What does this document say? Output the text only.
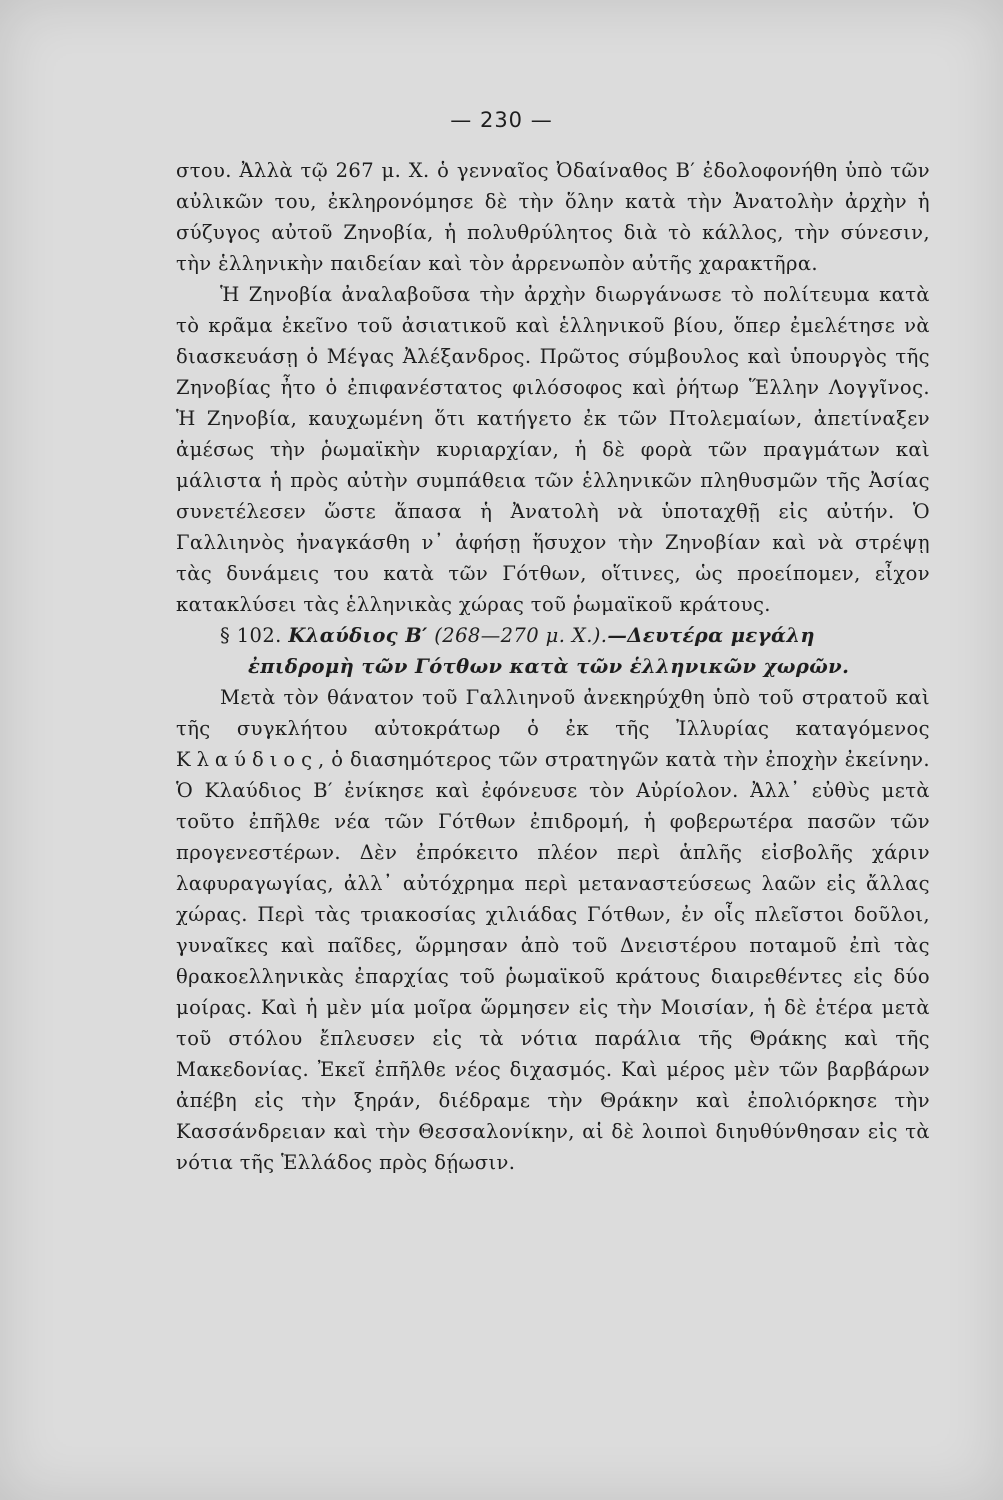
— 230 —

στου. Ἀλλὰ τῷ 267 μ. Χ. ὁ γενναῖος Ὀδαίναθος Β′ ἐδολοφονήθη ὑπὸ τῶν αὐλικῶν του, ἐκληρονόμησε δὲ τὴν ὅλην κατὰ τὴν Ἀνατολὴν ἀρχὴν ἡ σύζυγος αὐτοῦ Ζηνοβία, ἡ πολυθρύλητος διὰ τὸ κάλλος, τὴν σύνεσιν, τὴν ἑλληνικὴν παιδείαν καὶ τὸν ἀρρενωπὸν αὐτῆς χαρακτῆρα.

Ἡ Ζηνοβία ἀναλαβοῦσα τὴν ἀρχὴν διωργάνωσε τὸ πολίτευμα κατὰ τὸ κρᾶμα ἐκεῖνο τοῦ ἀσιατικοῦ καὶ ἑλληνικοῦ βίου, ὅπερ ἐμελέτησε νὰ διασκευάσῃ ὁ Μέγας Ἀλέξανδρος. Πρῶτος σύμβουλος καὶ ὑπουργὸς τῆς Ζηνοβίας ἦτο ὁ ἐπιφανέστατος φιλόσοφος καὶ ῥήτωρ Ἕλλην Λογγῖνος. Ἡ Ζηνοβία, καυχωμένη ὅτι κατήγετο ἐκ τῶν Πτολεμαίων, ἀπετίναξεν ἀμέσως τὴν ῥωμαϊκὴν κυριαρχίαν, ἡ δὲ φορὰ τῶν πραγμάτων καὶ μάλιστα ἡ πρὸς αὐτὴν συμπάθεια τῶν ἑλληνικῶν πληθυσμῶν τῆς Ἀσίας συνετέλεσεν ὥστε ἅπασα ἡ Ἀνατολὴ νὰ ὑποταχθῇ εἰς αὐτήν. Ὁ Γαλλιηνὸς ἠναγκάσθη ν᾽ ἀφήσῃ ἥσυχον τὴν Ζηνοβίαν καὶ νὰ στρέψῃ τὰς δυνάμεις του κατὰ τῶν Γότθων, οἵτινες, ὡς προείπομεν, εἶχον κατακλύσει τὰς ἑλληνικὰς χώρας τοῦ ῥωμαϊκοῦ κράτους.

§ 102. Κλαύδιος Β′ (268—270 μ. Χ.).—Δευτέρα μεγάλη

ἐπιδρομὴ τῶν Γότθων κατὰ τῶν ἑλληνικῶν χωρῶν.

Μετὰ τὸν θάνατον τοῦ Γαλλιηνοῦ ἀνεκηρύχθη ὑπὸ τοῦ στρατοῦ καὶ τῆς συγκλήτου αὐτοκράτωρ ὁ ἐκ τῆς Ἰλλυρίας καταγόμενος Κλαύδιος, ὁ διασημότερος τῶν στρατηγῶν κατὰ τὴν ἐποχὴν ἐκείνην. Ὁ Κλαύδιος Β′ ἐνίκησε καὶ ἐφόνευσε τὸν Αὐρίολον. Ἀλλ᾽ εὐθὺς μετὰ τοῦτο ἐπῆλθε νέα τῶν Γότθων ἐπιδρομή, ἡ φοβερωτέρα πασῶν τῶν προγενεστέρων. Δὲν ἐπρόκειτο πλέον περὶ ἁπλῆς εἰσβολῆς χάριν λαφυραγωγίας, ἀλλ᾽ αὐτόχρημα περὶ μεταναστεύσεως λαῶν εἰς ἄλλας χώρας. Περὶ τὰς τριακοσίας χιλιάδας Γότθων, ἐν οἷς πλεῖστοι δοῦλοι, γυναῖκες καὶ παῖδες, ὥρμησαν ἀπὸ τοῦ Δνειστέρου ποταμοῦ ἐπὶ τὰς θρακοελληνικὰς ἐπαρχίας τοῦ ῥωμαϊκοῦ κράτους διαιρεθέντες εἰς δύο μοίρας. Καὶ ἡ μὲν μία μοῖρα ὥρμησεν εἰς τὴν Μοισίαν, ἡ δὲ ἑτέρα μετὰ τοῦ στόλου ἔπλευσεν εἰς τὰ νότια παράλια τῆς Θράκης καὶ τῆς Μακεδονίας. Ἐκεῖ ἐπῆλθε νέος διχασμός. Καὶ μέρος μὲν τῶν βαρβάρων ἀπέβη εἰς τὴν ξηράν, διέδραμε τὴν Θράκην καὶ ἐπολιόρκησε τὴν Κασσάνδρειαν καὶ τὴν Θεσσαλονίκην, αἱ δὲ λοιποὶ διηυθύνθησαν εἰς τὰ νότια τῆς Ἑλλάδος πρὸς δῄωσιν.
